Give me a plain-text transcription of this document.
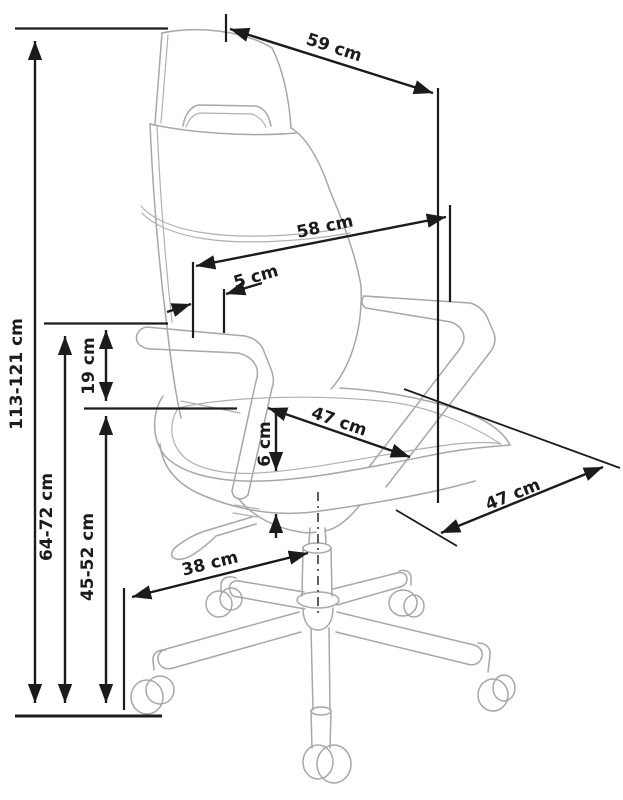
113-121 cm
64-72 cm 45-52 cm
19 cm
59 cm
58 cm
5 cm
47 cm
6 cm
47 cm
38 cm
